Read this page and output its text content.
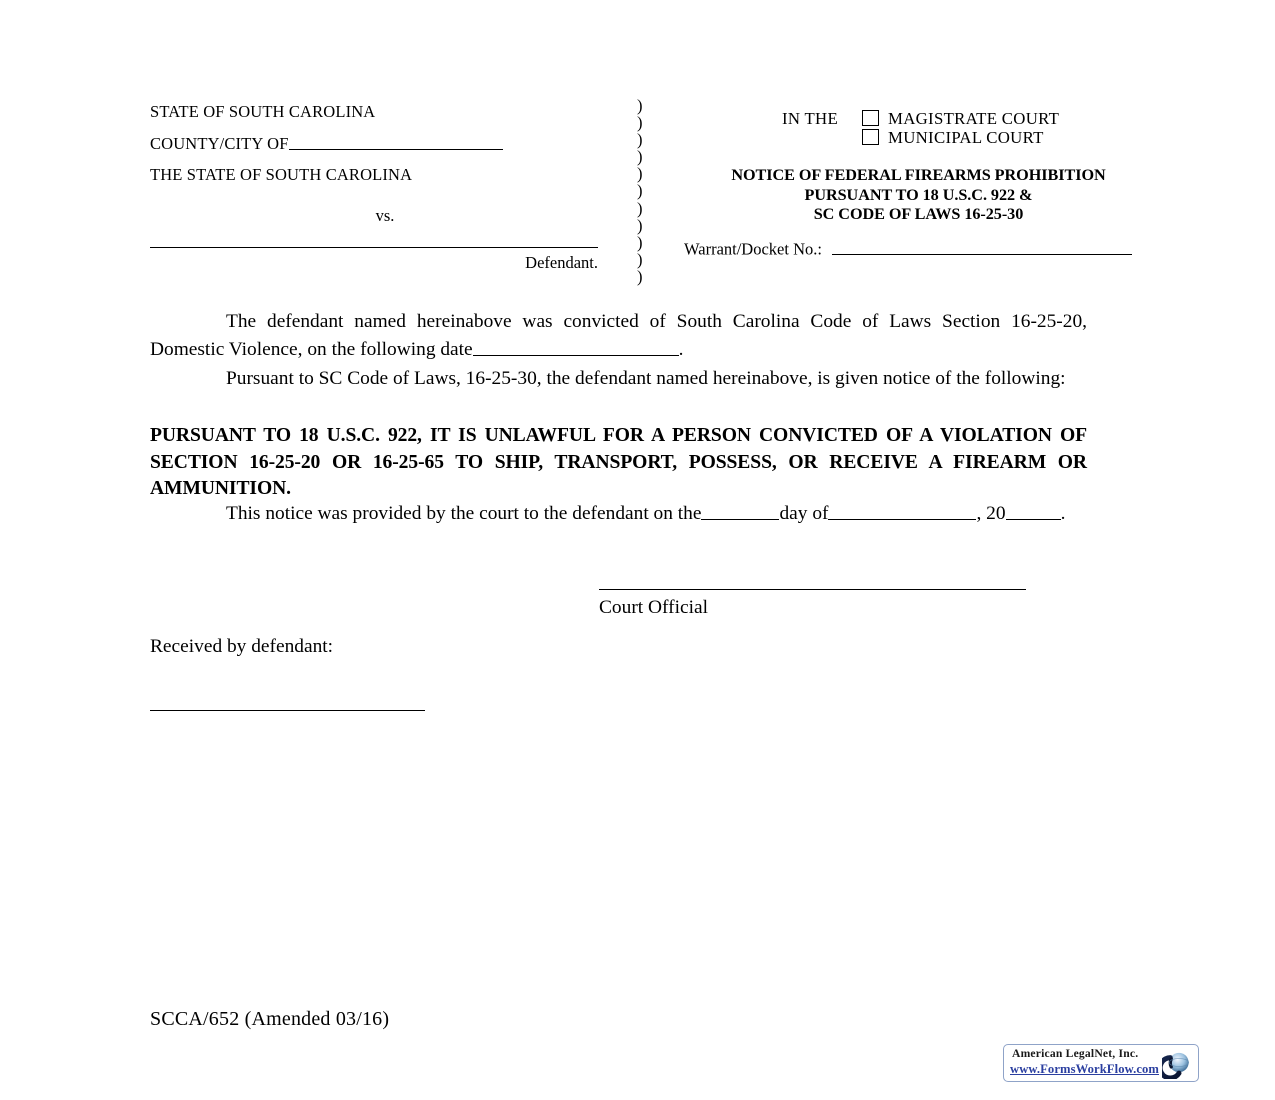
STATE OF SOUTH CAROLINA
COUNTY/CITY OF
THE STATE OF SOUTH CAROLINA
vs.
Defendant.
)
)
)
)
)
)
)
)
)
)
)
IN THE	MAGISTRATE COURT
MUNICIPAL COURT
NOTICE OF FEDERAL FIREARMS PROHIBITION
PURSUANT TO 18 U.S.C. 922 &
SC CODE OF LAWS 16-25-30
Warrant/Docket No.:
The defendant named hereinabove was convicted of South Carolina Code of Laws Section 16-25-20, Domestic Violence, on the following date	.
Pursuant to SC Code of Laws, 16-25-30, the defendant named hereinabove, is given notice of the following:
PURSUANT TO 18 U.S.C. 922, IT IS UNLAWFUL FOR A PERSON CONVICTED OF A VIOLATION OF SECTION 16-25-20 OR 16-25-65 TO SHIP, TRANSPORT, POSSESS, OR RECEIVE A FIREARM OR AMMUNITION.
This notice was provided by the court to the defendant on the	day of	, 20	.
Court Official
Received by defendant:
SCCA/652 (Amended 03/16)
American LegalNet, Inc.
www.FormsWorkFlow.com
